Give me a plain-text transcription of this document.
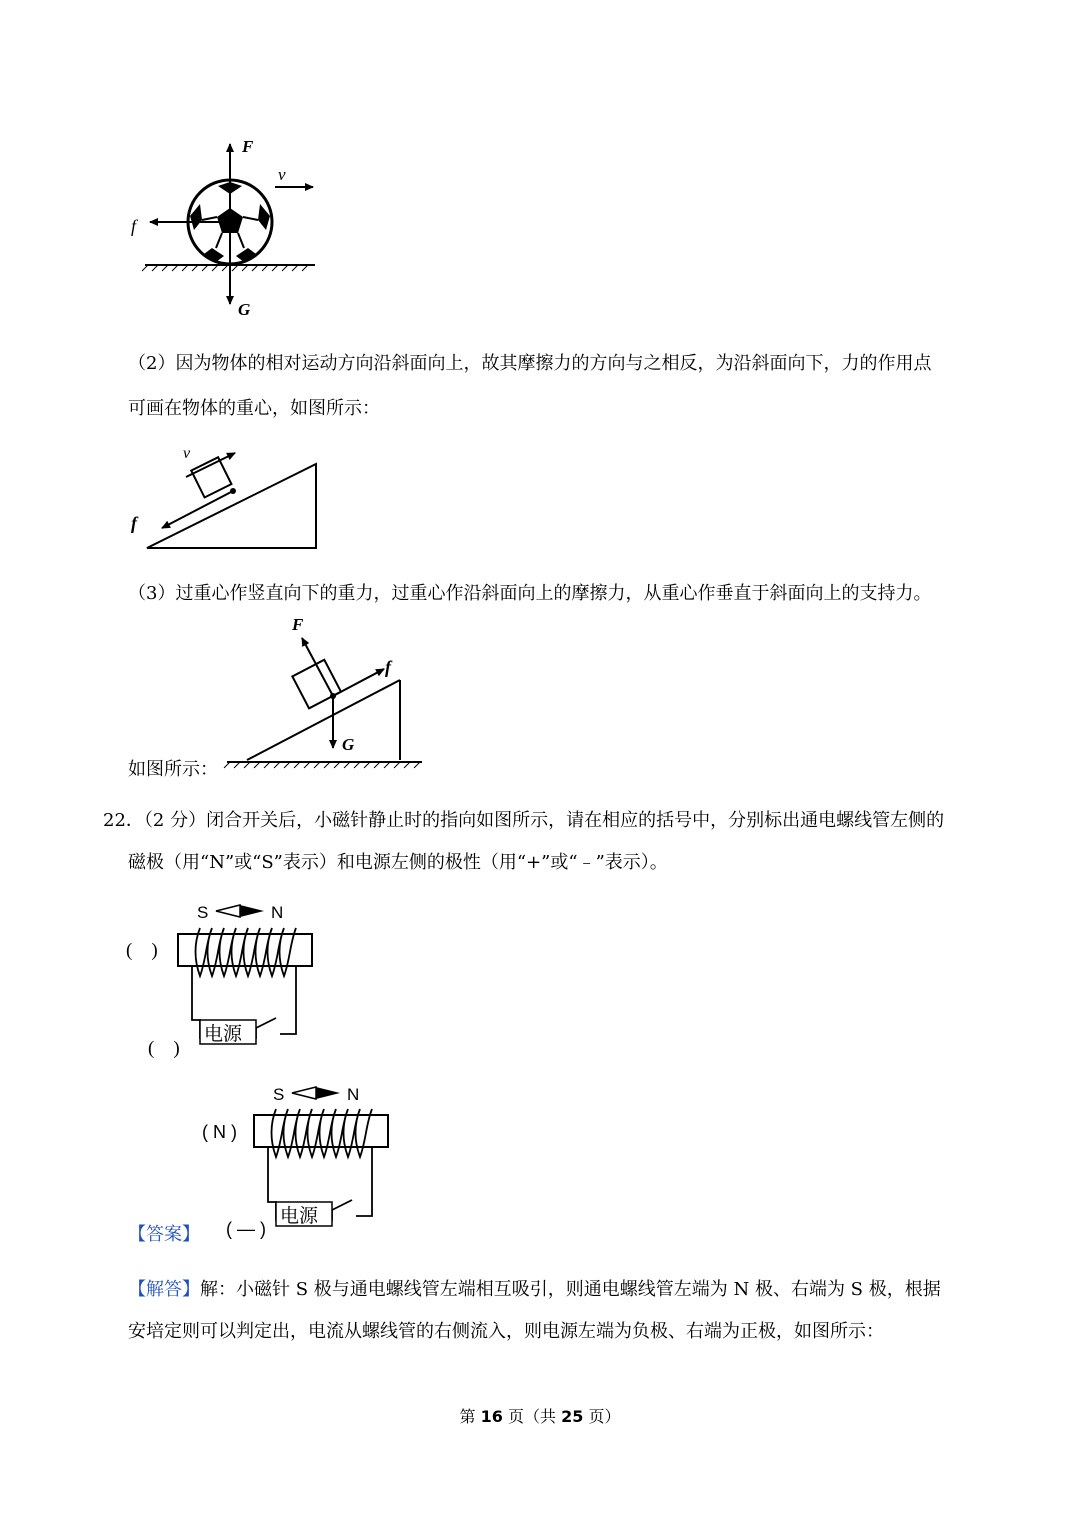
F
v
f
G
（2）因为物体的相对运动方向沿斜面向上，故其摩擦力的方向与之相反，为沿斜面向下，力的作用点
可画在物体的重心，如图所示：
v
f
（3）过重心作竖直向下的重力，过重心作沿斜面向上的摩擦力，从重心作垂直于斜面向上的支持力。
如图所示：
F
f
G
22．（2 分）闭合开关后，小磁针静止时的指向如图所示，请在相应的括号中，分别标出通电螺线管左侧的
磁极（用“N”或“S”表示）和电源左侧的极性（用“+”或“﹣”表示）。
S	N
电源
(　)
(　)
【答案】
S	N
电源
( N )
( — )
【解答】解：小磁针 S 极与通电螺线管左端相互吸引，则通电螺线管左端为 N 极、右端为 S 极，根据
安培定则可以判定出，电流从螺线管的右侧流入，则电源左端为负极、右端为正极，如图所示：
第 16 页（共 25 页）
